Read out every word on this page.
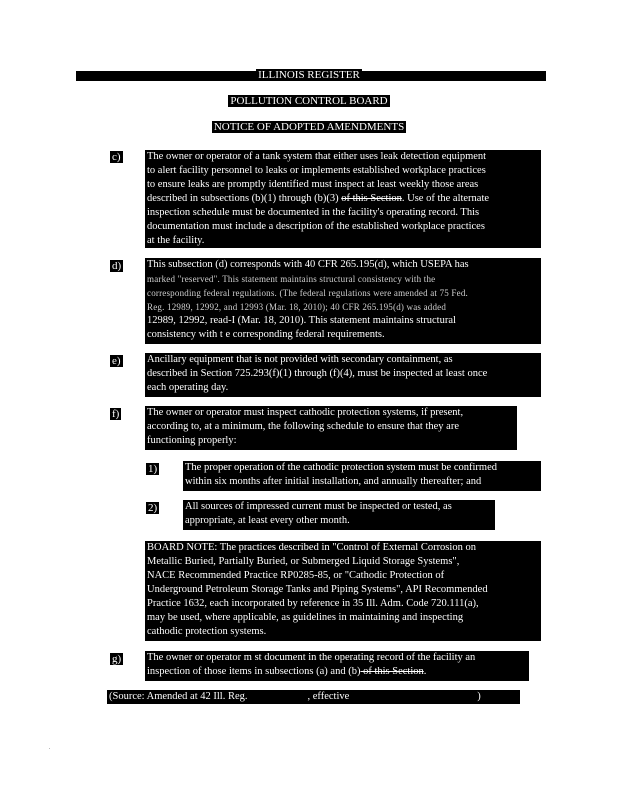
ILLINOIS REGISTER
POLLUTION CONTROL BOARD
NOTICE OF ADOPTED AMENDMENTS
c)	The owner or operator of a tank system that either uses leak detection equipment
to alert facility personnel to leaks or implements established workplace practices
to ensure leaks are promptly identified must inspect at least weekly those areas
described in subsections (b)(1) through (b)(3) of this Section. Use of the alternate
inspection schedule must be documented in the facility's operating record. This
documentation must include a description of the established workplace practices
at the facility.
d) This subsection (d) corresponds with 40 CFR 265.195(d), which USEPA has
marked "reserved". This statement maintains structural consistency with the
corresponding federal regulations. (The federal regulations were amended at 75 Fed.
Reg. 12989, 12992, and 12993 (Mar. 18, 2010); 40 CFR 265.195(d) was added
12989, 12992, read-I (Mar. 18, 2010). This statement maintains structural
consistency with t e corresponding federal requirements.
e)	Ancillary equipment that is not provided with secondary containment, as
described in Section 725.293(f)(1) through (f)(4), must be inspected at least once
each operating day.
f)	The owner or operator must inspect cathodic protection systems, if present,
according to, at a minimum, the following schedule to ensure that they are
functioning properly:
1)	The proper operation of the cathodic protection system must be confirmed
within six months after initial installation, and annually thereafter; and
2)	All sources of impressed current must be inspected or tested, as
appropriate, at least every other month.
BOARD NOTE: The practices described in "Control of External Corrosion on
Metallic Buried, Partially Buried, or Submerged Liquid Storage Systems",
NACE Recommended Practice RP0285-85, or "Cathodic Protection of
Underground Petroleum Storage Tanks and Piping Systems", API Recommended
Practice 1632, each incorporated by reference in 35 Ill. Adm. Code 720.111(a),
may be used, where applicable, as guidelines in maintaining and inspecting
cathodic protection systems.
g) The owner or operator m st document in the operating record of the facility an
inspection of those items in subsections (a) and (b) of this Section.
(Source: Amended at 42 Ill. Reg.	, effective	)
